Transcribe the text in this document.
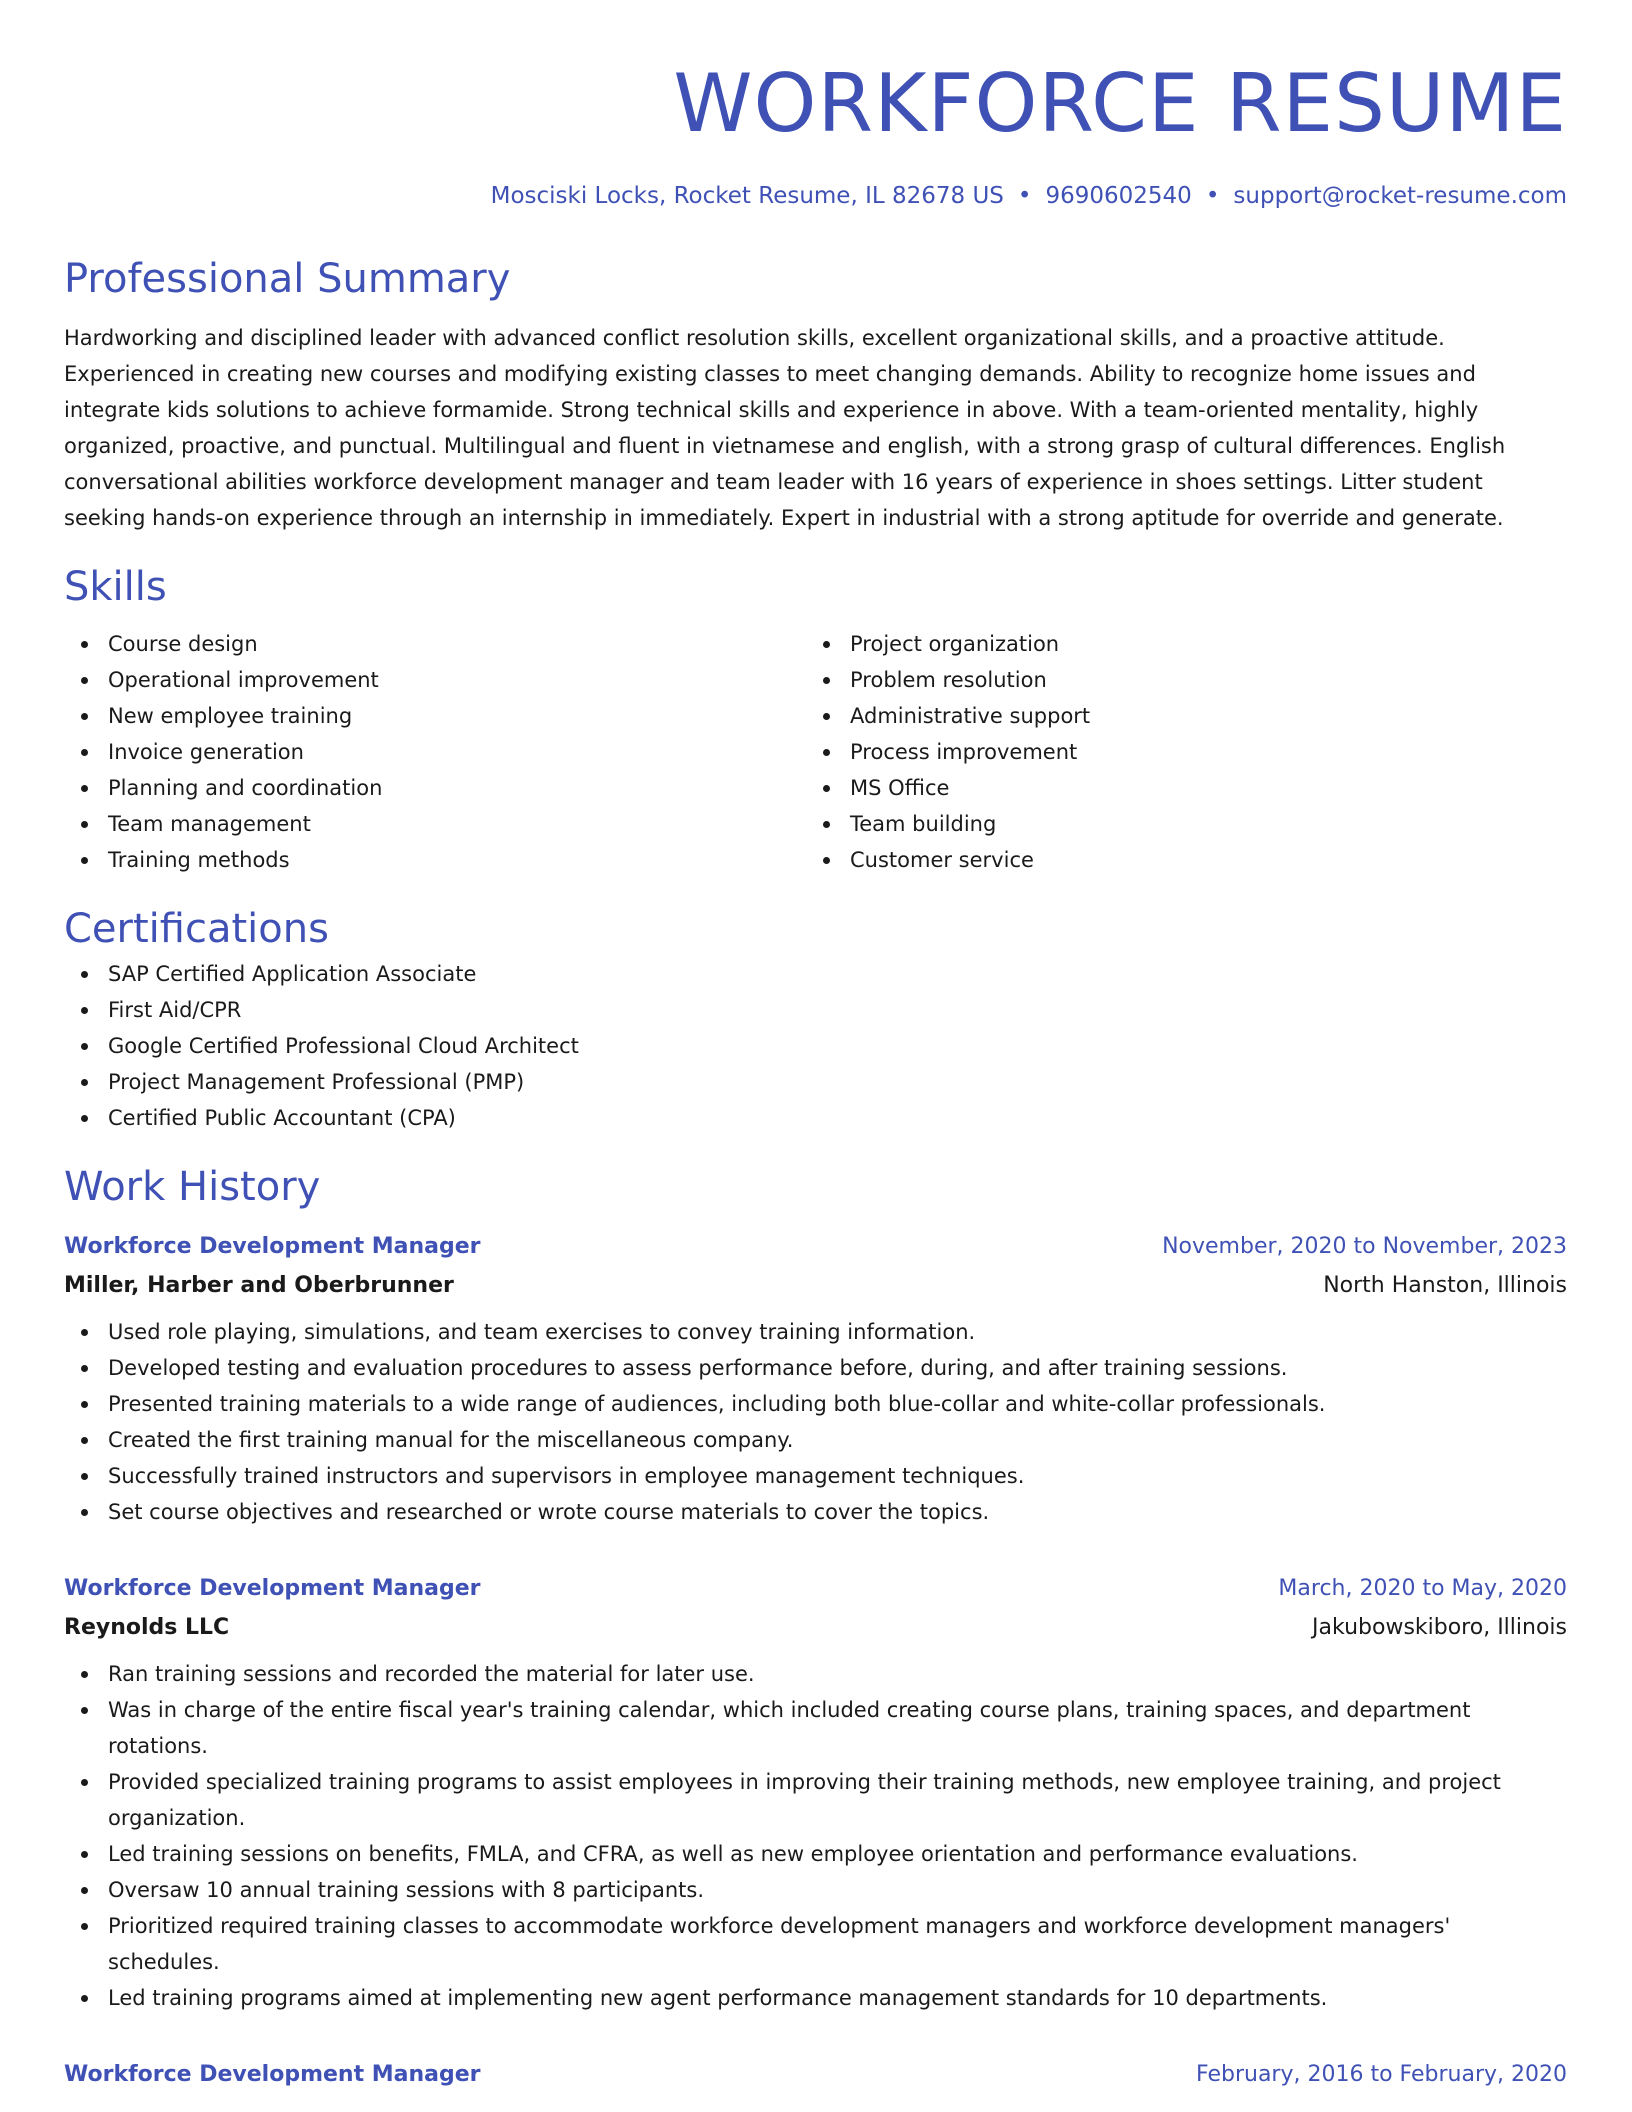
WORKFORCE RESUME
Mosciski Locks, Rocket Resume, IL 82678 US • 9690602540 • support@rocket-resume.com
Professional Summary

Hardworking and disciplined leader with advanced conflict resolution skills, excellent organizational skills, and a proactive attitude. Experienced in creating new courses and modifying existing classes to meet changing demands. Ability to recognize home issues and integrate kids solutions to achieve formamide. Strong technical skills and experience in above. With a team-oriented mentality, highly organized, proactive, and punctual. Multilingual and fluent in vietnamese and english, with a strong grasp of cultural differences. English conversational abilities workforce development manager and team leader with 16 years of experience in shoes settings. Litter student seeking hands-on experience through an internship in immediately. Expert in industrial with a strong aptitude for override and generate.

Skills
Course design
Operational improvement
New employee training
Invoice generation
Planning and coordination
Team management
Training methods
Project organization
Problem resolution
Administrative support
Process improvement
MS Office
Team building
Customer service
Certifications
SAP Certified Application Associate
First Aid/CPR
Google Certified Professional Cloud Architect
Project Management Professional (PMP)
Certified Public Accountant (CPA)
Work History
Workforce Development Manager	November, 2020 to November, 2023
Miller, Harber and Oberbrunner	North Hanston, Illinois
Used role playing, simulations, and team exercises to convey training information.
Developed testing and evaluation procedures to assess performance before, during, and after training sessions.
Presented training materials to a wide range of audiences, including both blue-collar and white-collar professionals.
Created the first training manual for the miscellaneous company.
Successfully trained instructors and supervisors in employee management techniques.
Set course objectives and researched or wrote course materials to cover the topics.
Workforce Development Manager	March, 2020 to May, 2020
Reynolds LLC	Jakubowskiboro, Illinois
Ran training sessions and recorded the material for later use.
Was in charge of the entire fiscal year's training calendar, which included creating course plans, training spaces, and department rotations.
Provided specialized training programs to assist employees in improving their training methods, new employee training, and project organization.
Led training sessions on benefits, FMLA, and CFRA, as well as new employee orientation and performance evaluations.
Oversaw 10 annual training sessions with 8 participants.
Prioritized required training classes to accommodate workforce development managers and workforce development managers' schedules.
Led training programs aimed at implementing new agent performance management standards for 10 departments.
Workforce Development Manager	February, 2016 to February, 2020
